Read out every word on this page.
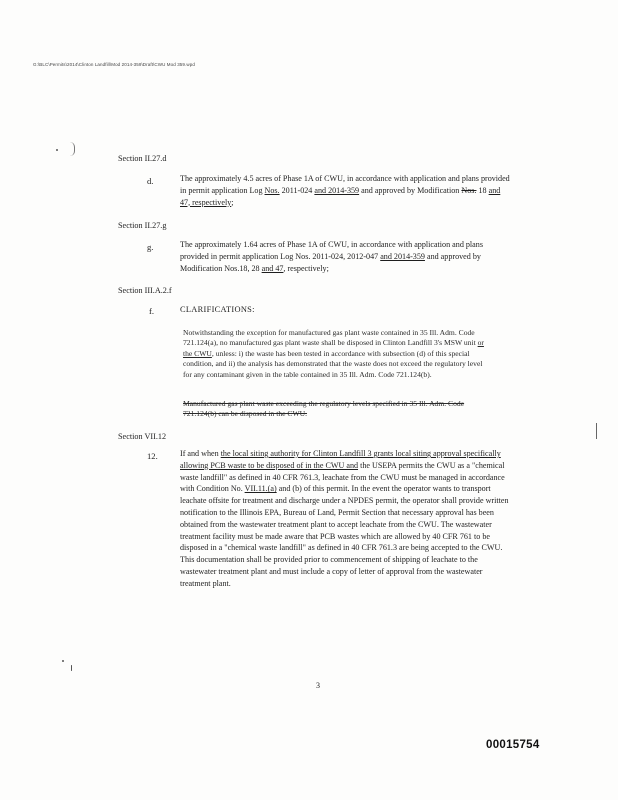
G:\BLC\Permits\2014\Clinton Landfill\Mod 2014-359\Draft\CWU Mod 359.wpd
Section II.27.d
d.	The approximately 4.5 acres of Phase 1A of CWU, in accordance with application and plans provided in permit application Log Nos. 2011-024 and 2014-359 and approved by Modification Nos. 18 and 47, respectively;
Section II.27.g
g.	The approximately 1.64 acres of Phase 1A of CWU, in accordance with application and plans provided in permit application Log Nos. 2011-024, 2012-047 and 2014-359 and approved by Modification Nos.18, 28 and 47, respectively;
Section III.A.2.f
f.	CLARIFICATIONS:
Notwithstanding the exception for manufactured gas plant waste contained in 35 Ill. Adm. Code 721.124(a), no manufactured gas plant waste shall be disposed in Clinton Landfill 3's MSW unit or the CWU, unless: i) the waste has been tested in accordance with subsection (d) of this special condition, and ii) the analysis has demonstrated that the waste does not exceed the regulatory level for any contaminant given in the table contained in 35 Ill. Adm. Code 721.124(b).
Manufactured gas plant waste exceeding the regulatory levels specified in 35 Ill. Adm. Code 721.124(b) can be disposed in the CWU.
Section VII.12
12.	If and when the local siting authority for Clinton Landfill 3 grants local siting approval specifically allowing PCB waste to be disposed of in the CWU and the USEPA permits the CWU as a "chemical waste landfill" as defined in 40 CFR 761.3, leachate from the CWU must be managed in accordance with Condition No. VII.11.(a) and (b) of this permit. In the event the operator wants to transport leachate offsite for treatment and discharge under a NPDES permit, the operator shall provide written notification to the Illinois EPA, Bureau of Land, Permit Section that necessary approval has been obtained from the wastewater treatment plant to accept leachate from the CWU. The wastewater treatment facility must be made aware that PCB wastes which are allowed by 40 CFR 761 to be disposed in a "chemical waste landfill" as defined in 40 CFR 761.3 are being accepted to the CWU. This documentation shall be provided prior to commencement of shipping of leachate to the wastewater treatment plant and must include a copy of letter of approval from the wastewater treatment plant.
3
00015754
